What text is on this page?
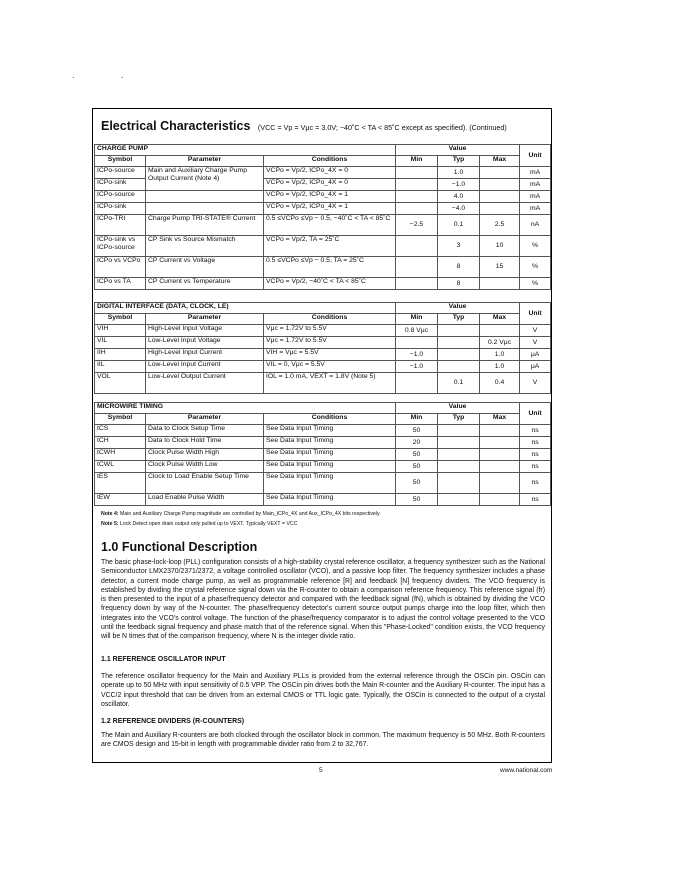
. .
Electrical Characteristics (VCC = Vp = Vμc = 3.0V; −40˚C < TA < 85˚C except as specified). (Continued)
CHARGE PUMP			Value			Unit
Symbol	Parameter	Conditions	Min	Typ	Max	
ICPo-source	Main and Auxiliary Charge Pump Output Current (Note 4)	VCPo = Vp/2, ICPo_4X = 0		1.0		mA
ICPo-sink		VCPo = Vp/2, ICPo_4X = 0		−1.0		mA
ICPo-source		VCPo = Vp/2, ICPo_4X = 1		4.0		mA
ICPo-sink		VCPo = Vp/2, ICPo_4X = 1		−4.0		mA
ICPo-TRI	Charge Pump TRI-STATE® Current	0.5 ≤VCPo ≤Vp − 0.5, −40˚C < TA < 85˚C	−2.5	0.1	2.5	nA
ICPo-sink vs ICPo-source	CP Sink vs Source Mismatch	VCPo = Vp/2, TA = 25˚C		3	10	%
ICPo vs VCPo	CP Current vs Voltage	0.5 ≤VCPo ≤Vp − 0.5, TA = 25˚C		8	15	%
ICPo vs TA	CP Current vs Temperature	VCPo = Vp/2, −40˚C < TA < 85˚C		8		%
DIGITAL INTERFACE (DATA, CLOCK, LE)			Value			Unit
Symbol	Parameter	Conditions	Min	Typ	Max	
VIH	High-Level Input Voltage	Vμc = 1.72V to 5.5V	0.8 Vμc			V
VIL	Low-Level Input Voltage	Vμc = 1.72V to 5.5V			0.2 Vμc	V
IIH	High-Level Input Current	VIH = Vμc = 5.5V	−1.0		1.0	μA
IIL	Low-Level Input Current	VIL = 0, Vμc = 5.5V	−1.0		1.0	μA
VOL	Low-Level Output Current	IOL = 1.0 mA, VEXT = 1.8V (Note 5)		0.1	0.4	V
MICROWIRE TIMING			Value			Unit
Symbol	Parameter	Conditions	Min	Typ	Max	
tCS	Data to Clock Setup Time	See Data Input Timing	50			ns
tCH	Data to Clock Hold Time	See Data Input Timing	20			ns
tCWH	Clock Pulse Width High	See Data Input Timing	50			ns
tCWL	Clock Pulse Width Low	See Data Input Timing	50			ns
tES	Clock to Load Enable Setup Time	See Data Input Timing	50			ns
tEW	Load Enable Pulse Width	See Data Input Timing	50			ns
Note 4: Main and Auxiliary Charge Pump magnitude are controlled by Main_ICPo_4X and Aux_ICPo_4X bits respectively.
Note 5: Lock Detect open drain output only pulled up to VEXT. Typically VEXT = VCC
1.0 Functional Description
The basic phase-lock-loop (PLL) configuration consists of a high-stability crystal reference oscillator, a frequency synthesizer such as the National Semiconductor LMX2370/2371/2372, a voltage controlled oscillator (VCO), and a passive loop filter. The frequency synthesizer includes a phase detector, a current mode charge pump, as well as programmable reference [R] and feedback [N] frequency dividers. The VCO frequency is established by dividing the crystal reference signal down via the R-counter to obtain a comparison reference frequency. This reference signal (fr) is then presented to the input of a phase/frequency detector and compared with the feedback signal (fN), which is obtained by dividing the VCO frequency down by way of the N-counter. The phase/frequency detector's current source output pumps charge into the loop filter, which then integrates into the VCO's control voltage. The function of the phase/frequency comparator is to adjust the control voltage presented to the VCO until the feedback signal frequency and phase match that of the reference signal. When this "Phase-Locked" condition exists, the VCO frequency will be N times that of the comparison frequency, where N is the integer divide ratio.
1.1 REFERENCE OSCILLATOR INPUT
The reference oscillator frequency for the Main and Auxiliary PLLs is provided from the external reference through the OSCin pin. OSCin can operate up to 50 MHz with input sensitivity of 0.5 VPP. The OSCin pin drives both the Main R-counter and the Auxiliary R-counter. The input has a VCC/2 input threshold that can be driven from an external CMOS or TTL logic gate. Typically, the OSCin is connected to the output of a crystal oscillator.
1.2 REFERENCE DIVIDERS (R-COUNTERS)
The Main and Auxiliary R-counters are both clocked through the oscillator block in common. The maximum frequency is 50 MHz. Both R-counters are CMOS design and 15-bit in length with programmable divider ratio from 2 to 32,767.
5	www.national.com
